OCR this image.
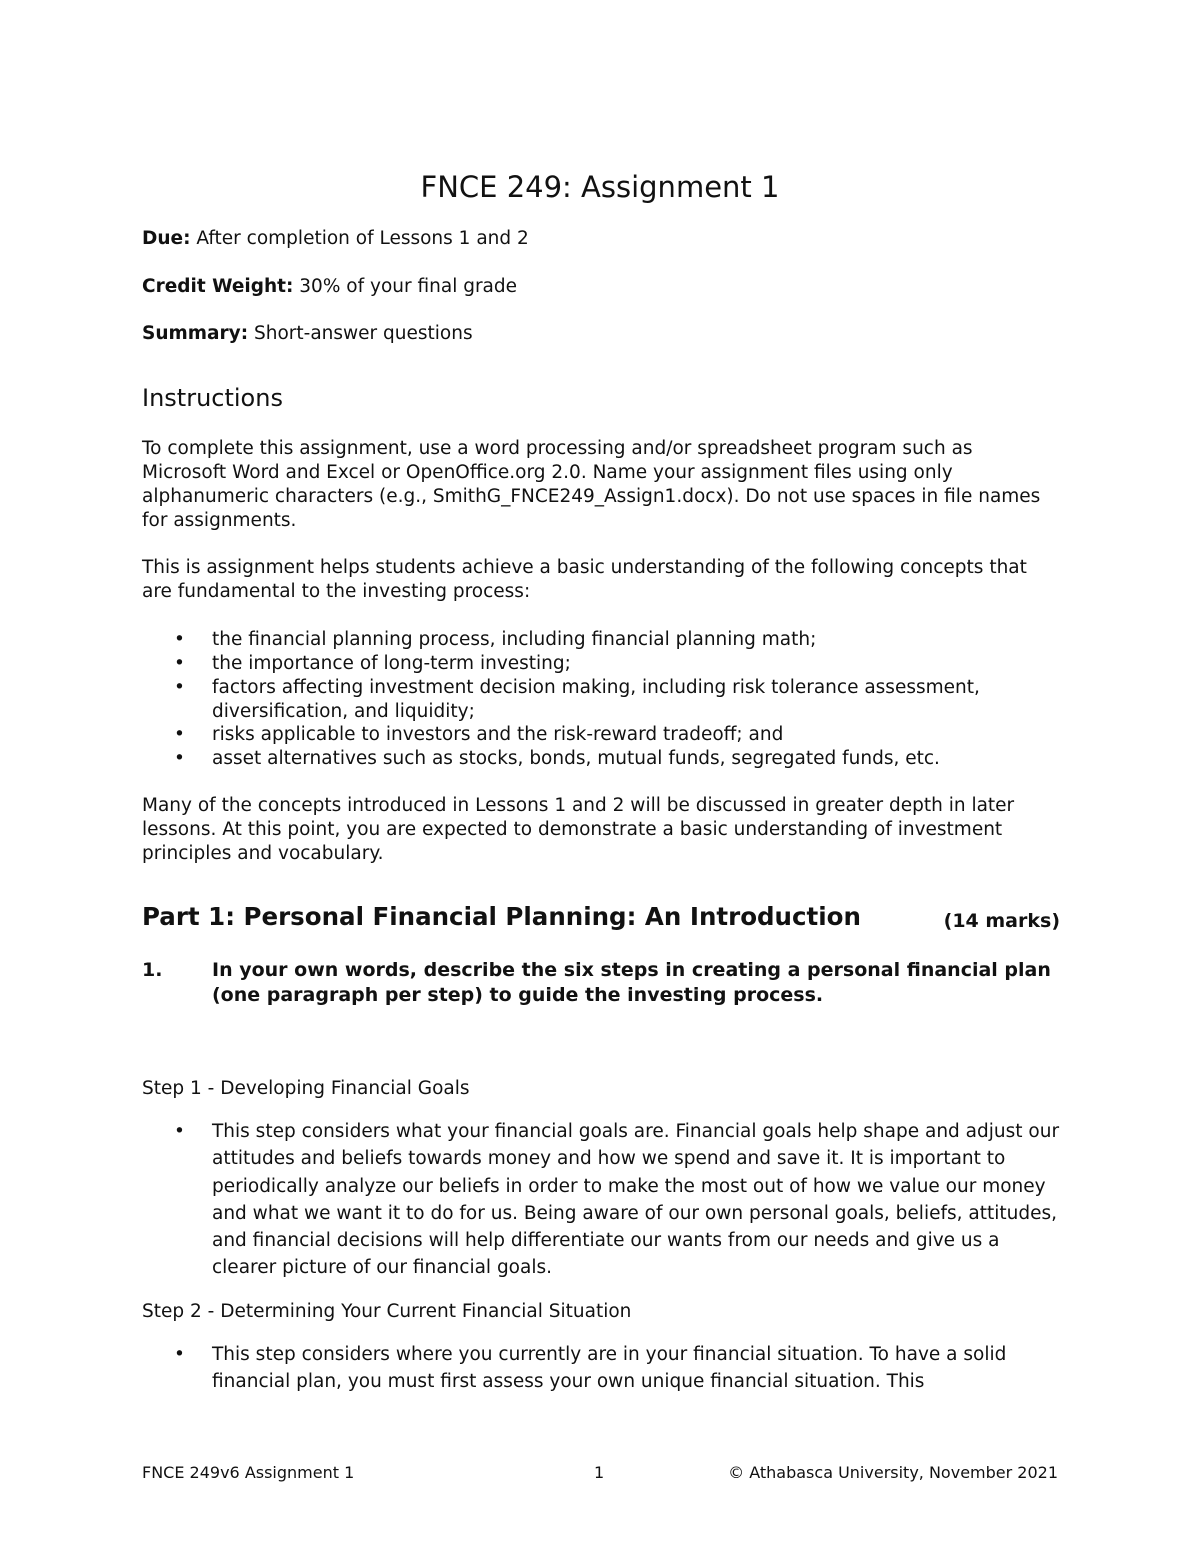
FNCE 249: Assignment 1
Due: After completion of Lessons 1 and 2
Credit Weight: 30% of your final grade
Summary: Short-answer questions
Instructions
To complete this assignment, use a word processing and/or spreadsheet program such as Microsoft Word and Excel or OpenOffice.org 2.0. Name your assignment files using only alphanumeric characters (e.g., SmithG_FNCE249_Assign1.docx). Do not use spaces in file names for assignments.
This is assignment helps students achieve a basic understanding of the following concepts that are fundamental to the investing process:
•	the financial planning process, including financial planning math;
•	the importance of long-term investing;
•	factors affecting investment decision making, including risk tolerance assessment, diversification, and liquidity;
•	risks applicable to investors and the risk-reward tradeoff; and
•	asset alternatives such as stocks, bonds, mutual funds, segregated funds, etc.
Many of the concepts introduced in Lessons 1 and 2 will be discussed in greater depth in later lessons. At this point, you are expected to demonstrate a basic understanding of investment principles and vocabulary.
Part 1: Personal Financial Planning: An Introduction	(14 marks)
1.	In your own words, describe the six steps in creating a personal financial plan (one paragraph per step) to guide the investing process.
Step 1 - Developing Financial Goals
•	This step considers what your financial goals are. Financial goals help shape and adjust our attitudes and beliefs towards money and how we spend and save it. It is important to periodically analyze our beliefs in order to make the most out of how we value our money and what we want it to do for us. Being aware of our own personal goals, beliefs, attitudes, and financial decisions will help differentiate our wants from our needs and give us a clearer picture of our financial goals.
Step 2 - Determining Your Current Financial Situation
•	This step considers where you currently are in your financial situation. To have a solid financial plan, you must first assess your own unique financial situation. This
FNCE 249v6 Assignment 1	1	© Athabasca University, November 2021
